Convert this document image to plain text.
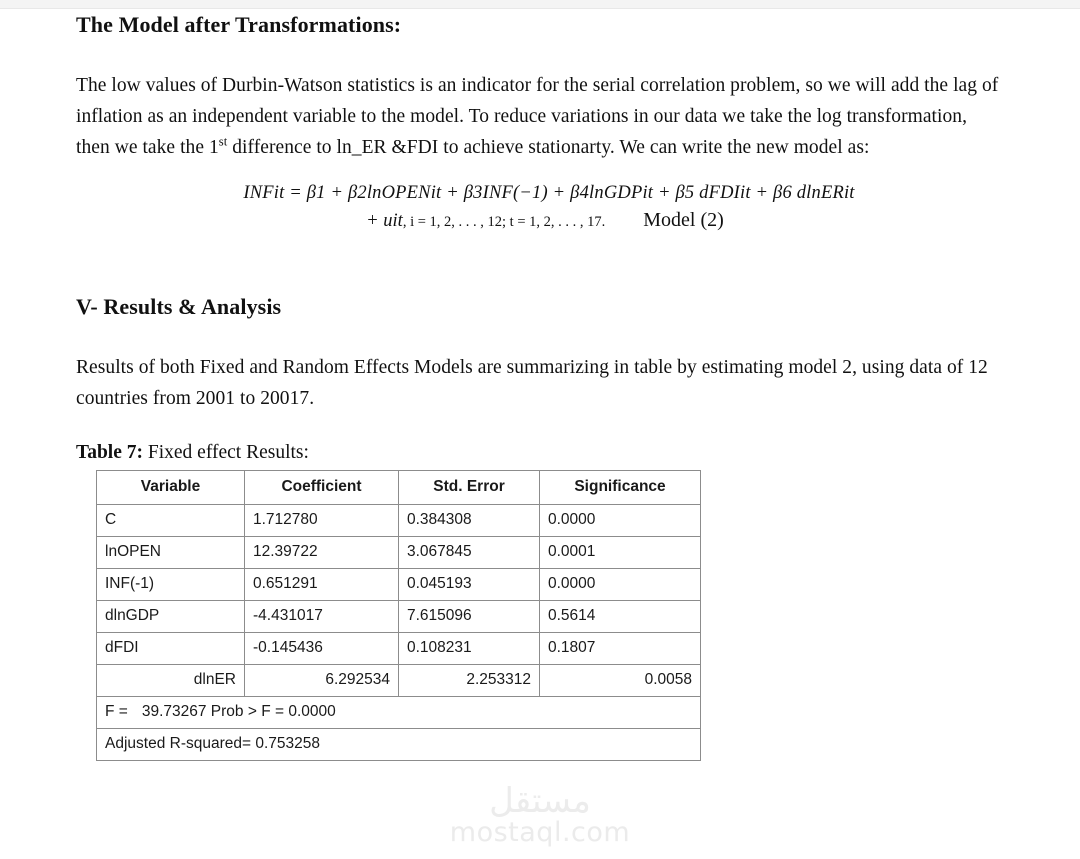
The Model after Transformations:

The low values of Durbin-Watson statistics is an indicator for the serial correlation problem, so we will add the lag of inflation as an independent variable to the model. To reduce variations in our data we take the log transformation, then we take the 1st difference to ln_ER &FDI to achieve stationarty. We can write the new model as:

INFit = β1 + β2lnOPENit + β3INF(−1) + β4lnGDPit + β5 dFDIit + β6 dlnERit
+ uit, i = 1, 2, . . . , 12; t = 1, 2, . . . , 17. Model (2)
V- Results & Analysis

Results of both Fixed and Random Effects Models are summarizing in table by estimating model 2, using data of 12 countries from 2001 to 20017.

Table 7: Fixed effect Results:

Variable	Coefficient	Std. Error	Significance
C	1.712780	0.384308	0.0000
lnOPEN	12.39722	3.067845	0.0001
INF(-1)	0.651291	0.045193	0.0000
dlnGDP	-4.431017	7.615096	0.5614
dFDI	-0.145436	0.108231	0.1807
dlnER	6.292534	2.253312	0.0058
F = 39.73267 Prob > F = 0.0000			
Adjusted R-squared= 0.753258			
مستقل
mostaql.com
